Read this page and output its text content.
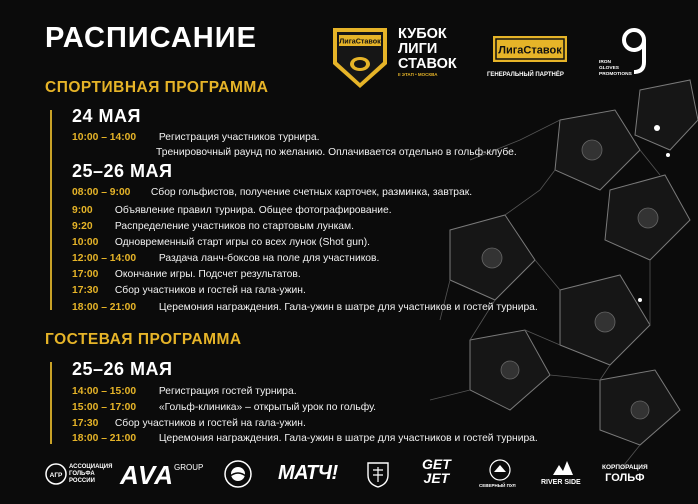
РАСПИСАНИЕ	ЛигаСтавок КУБОК
ЛИГИ
СТАВОК
II ЭТАП • МОСКВА
ЛигаСтавок
ГЕНЕРАЛЬНЫЙ ПАРТНЁР
IRON
GLOVES
PROMOTIONS
СПОРТИВНАЯ ПРОГРАММА
24 МАЯ
10:00 – 14:00 Регистрация участников турнира.
Тренировочный раунд по желанию. Оплачивается отдельно в гольф-клубе.
25–26 МАЯ
08:00 – 9:00 Сбор гольфистов, получение счетных карточек, разминка, завтрак.
9:00 Объявление правил турнира. Общее фотографирование.
9:20 Распределение участников по стартовым лункам.
10:00 Одновременный старт игры со всех лунок (Shot gun).
12:00 – 14:00 Раздача ланч-боксов на поле для участников.
17:00 Окончание игры. Подсчет результатов.
17:30 Сбор участников и гостей на гала-ужин.
18:00 – 21:00 Церемония награждения. Гала-ужин в шатре для участников и гостей турнира.
ГОСТЕВАЯ ПРОГРАММА
25–26 МАЯ
14:00 – 15:00 Регистрация гостей турнира.
15:00 – 17:00 «Гольф-клиника» – открытый урок по гольфу.
17:30 Сбор участников и гостей на гала-ужин.
18:00 – 21:00 Церемония награждения. Гала-ужин в шатре для участников и гостей турнира.
АГР
АССОЦИАЦИЯ
ГОЛЬФА
РОССИИ AVA GROUP	МАТЧ!	GET
JET	СЕВЕРНЫЙ ПУЛ	RIVER SIDE
КОРПОРАЦИЯ
ГОЛЬФ
